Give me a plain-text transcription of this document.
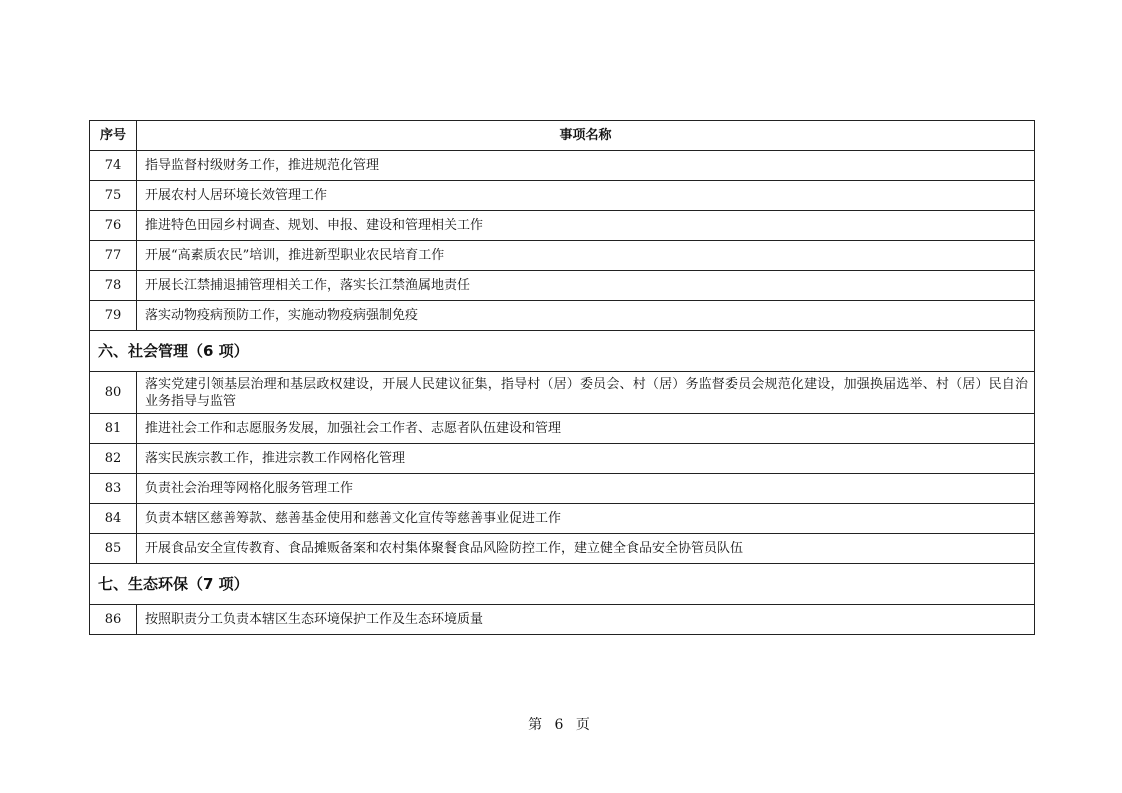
序号	事项名称
74	指导监督村级财务工作，推进规范化管理
75	开展农村人居环境长效管理工作
76	推进特色田园乡村调查、规划、申报、建设和管理相关工作
77	开展“高素质农民”培训，推进新型职业农民培育工作
78	开展长江禁捕退捕管理相关工作，落实长江禁渔属地责任
79	落实动物疫病预防工作，实施动物疫病强制免疫
六、社会管理（6 项）	
80	落实党建引领基层治理和基层政权建设，开展人民建议征集，指导村（居）委员会、村（居）务监督委员会规范化建设，加强换届选举、村（居）民自治业务指导与监管
81	推进社会工作和志愿服务发展，加强社会工作者、志愿者队伍建设和管理
82	落实民族宗教工作，推进宗教工作网格化管理
83	负责社会治理等网格化服务管理工作
84	负责本辖区慈善筹款、慈善基金使用和慈善文化宣传等慈善事业促进工作
85	开展食品安全宣传教育、食品摊贩备案和农村集体聚餐食品风险防控工作，建立健全食品安全协管员队伍
七、生态环保（7 项）	
86	按照职责分工负责本辖区生态环境保护工作及生态环境质量
第 6 页
